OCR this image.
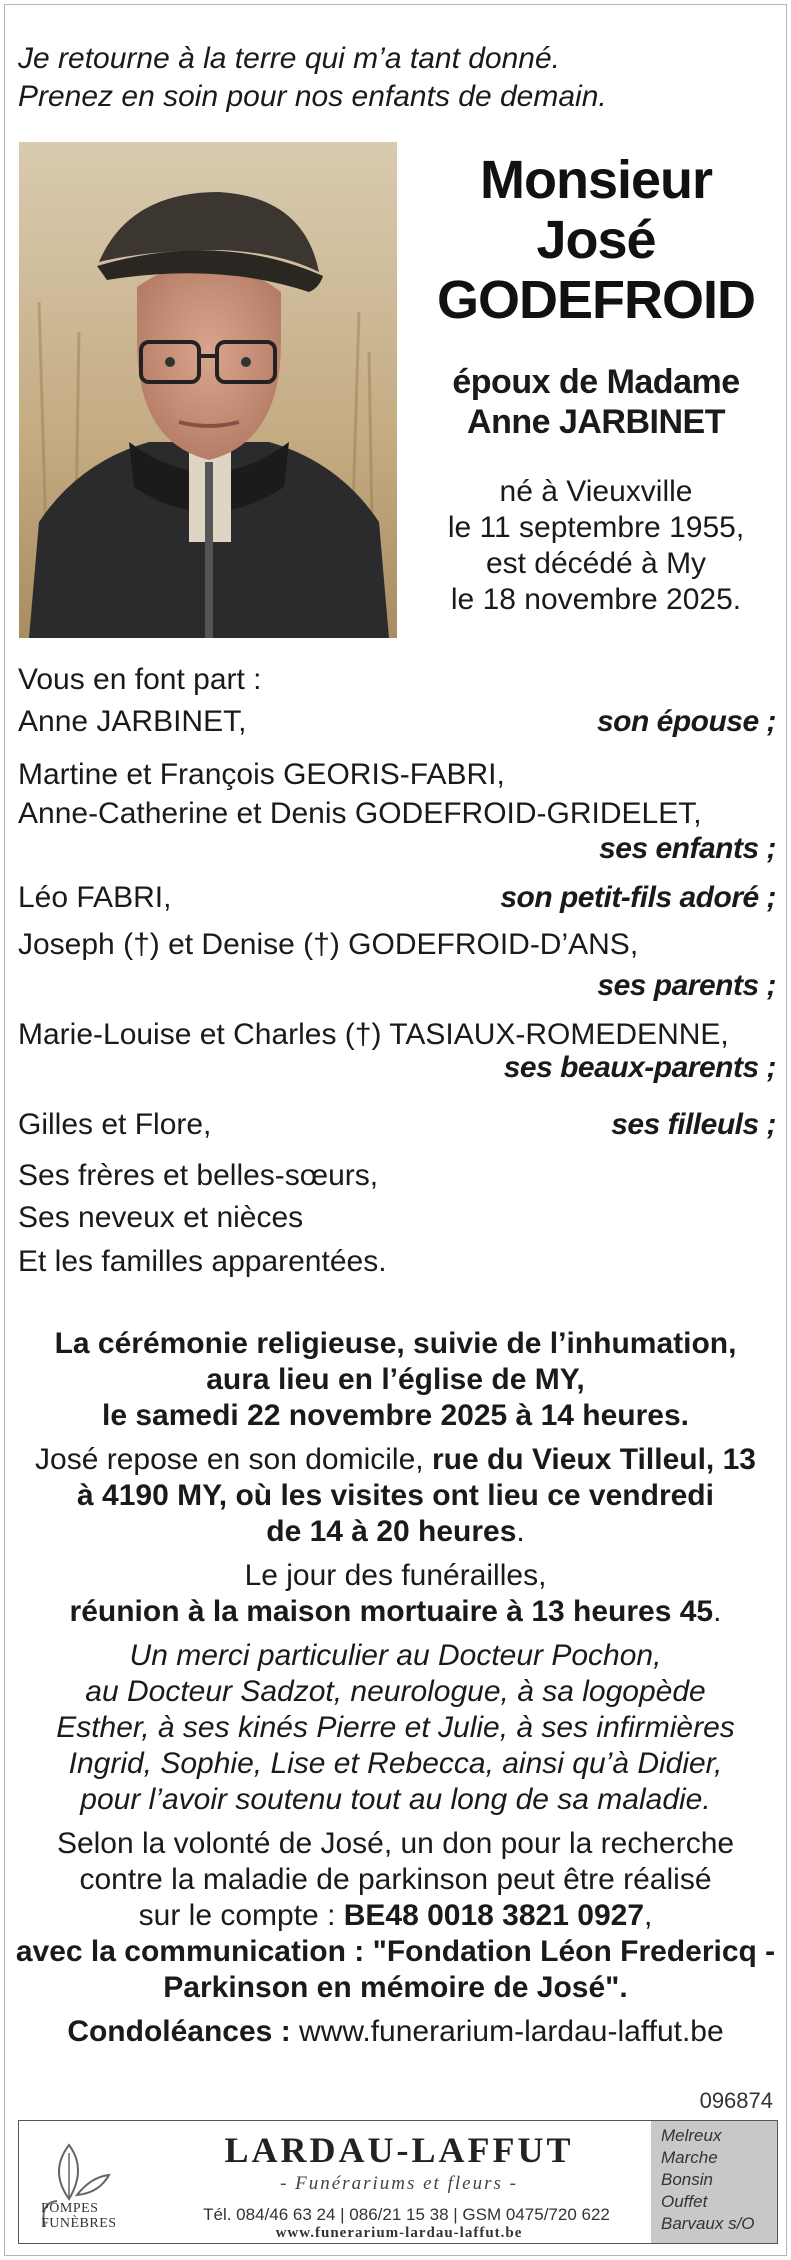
Je retourne à la terre qui m’a tant donné.
Prenez en soin pour nos enfants de demain.
Monsieur
José
GODEFROID
époux de Madame
Anne JARBINET
né à Vieuxville
le 11 septembre 1955,
est décédé à My
le 18 novembre 2025.
Vous en font part :
Anne JARBINET,	son épouse ;
Martine et François GEORIS-FABRI,
Anne-Catherine et Denis GODEFROID-GRIDELET,
ses enfants ;
Léo FABRI,	son petit-fils adoré ;
Joseph (†) et Denise (†) GODEFROID-D’ANS,
ses parents ;
Marie-Louise et Charles (†) TASIAUX-ROMEDENNE,
ses beaux-parents ;
Gilles et Flore,	ses filleuls ;
Ses frères et belles-sœurs,
Ses neveux et nièces
Et les familles apparentées.
La cérémonie religieuse, suivie de l’inhumation,
aura lieu en l’église de MY,
le samedi 22 novembre 2025 à 14 heures.
José repose en son domicile, rue du Vieux Tilleul, 13
à 4190 MY, où les visites ont lieu ce vendredi
de 14 à 20 heures.
Le jour des funérailles,
réunion à la maison mortuaire à 13 heures 45.
Un merci particulier au Docteur Pochon,
au Docteur Sadzot, neurologue, à sa logopède
Esther, à ses kinés Pierre et Julie, à ses infirmières
Ingrid, Sophie, Lise et Rebecca, ainsi qu’à Didier,
pour l’avoir soutenu tout au long de sa maladie.
Selon la volonté de José, un don pour la recherche
contre la maladie de parkinson peut être réalisé
sur le compte : BE48 0018 3821 0927,
avec la communication : "Fondation Léon Fredericq -
Parkinson en mémoire de José".
Condoléances : www.funerarium-lardau-laffut.be
096874
POMPES
FUNÈBRES
LARDAU-LAFFUT
- Funérariums et fleurs -
Tél. 084/46 63 24 | 086/21 15 38 | GSM 0475/720 622
www.funerarium-lardau-laffut.be
Melreux
Marche
Bonsin
Ouffet
Barvaux s/O
